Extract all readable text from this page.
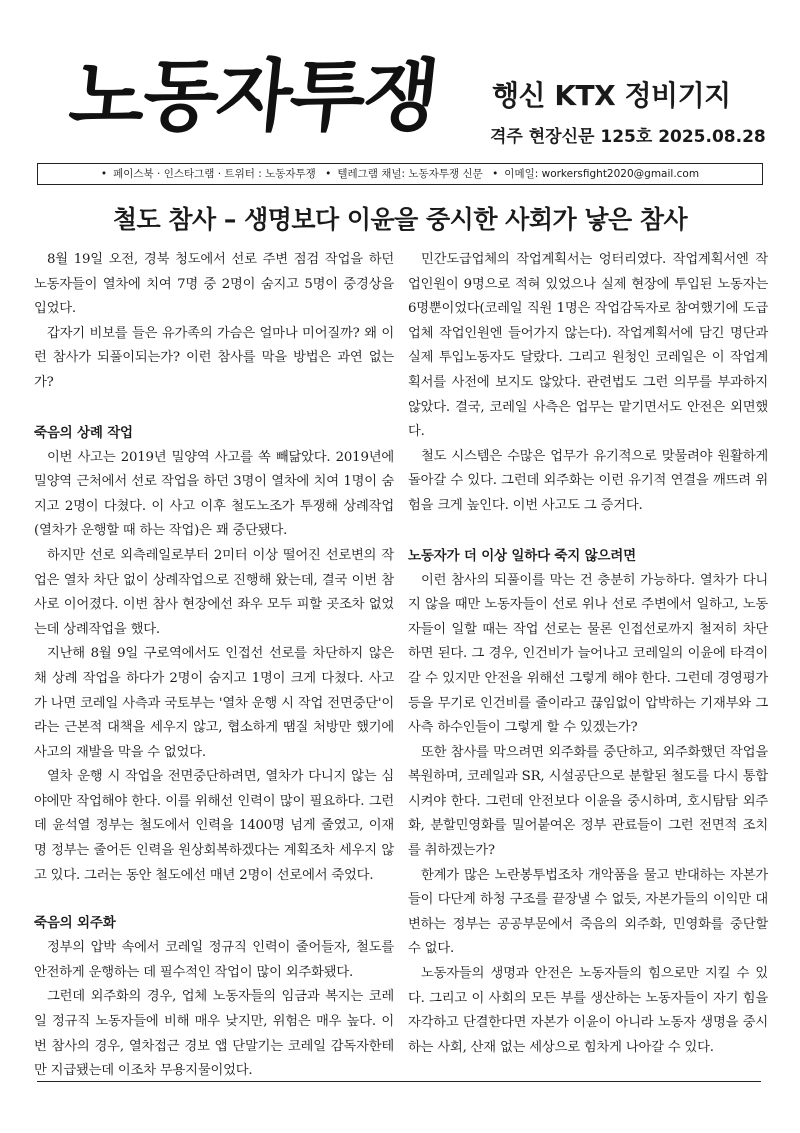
노동자투쟁 행신 KTX 정비기지
격주 현장신문 125호 2025.08.28
• 페이스북 · 인스타그램 · 트위터 : 노동자투쟁 • 텔레그램 채널: 노동자투쟁 신문 • 이메일: workersfight2020@gmail.com
철도 참사 – 생명보다 이윤을 중시한 사회가 낳은 참사

8월 19일 오전, 경북 청도에서 선로 주변 점검 작업을 하던 노동자들이 열차에 치여 7명 중 2명이 숨지고 5명이 중경상을 입었다.

갑자기 비보를 들은 유가족의 가슴은 얼마나 미어질까? 왜 이런 참사가 되풀이되는가? 이런 참사를 막을 방법은 과연 없는가?

죽음의 상례 작업

이번 사고는 2019년 밀양역 사고를 쏙 빼닮았다. 2019년에 밀양역 근처에서 선로 작업을 하던 3명이 열차에 치여 1명이 숨지고 2명이 다쳤다. 이 사고 이후 철도노조가 투쟁해 상례작업(열차가 운행할 때 하는 작업)은 꽤 중단됐다.

하지만 선로 외측레일로부터 2미터 이상 떨어진 선로변의 작업은 열차 차단 없이 상례작업으로 진행해 왔는데, 결국 이번 참사로 이어졌다. 이번 참사 현장에선 좌우 모두 피할 곳조차 없었는데 상례작업을 했다.

지난해 8월 9일 구로역에서도 인접선 선로를 차단하지 않은 채 상례 작업을 하다가 2명이 숨지고 1명이 크게 다쳤다. 사고가 나면 코레일 사측과 국토부는 '열차 운행 시 작업 전면중단'이라는 근본적 대책을 세우지 않고, 협소하게 땜질 처방만 했기에 사고의 재발을 막을 수 없었다.

열차 운행 시 작업을 전면중단하려면, 열차가 다니지 않는 심야에만 작업해야 한다. 이를 위해선 인력이 많이 필요하다. 그런데 윤석열 정부는 철도에서 인력을 1400명 넘게 줄였고, 이재명 정부는 줄어든 인력을 원상회복하겠다는 계획조차 세우지 않고 있다. 그러는 동안 철도에선 매년 2명이 선로에서 죽었다.

죽음의 외주화

정부의 압박 속에서 코레일 정규직 인력이 줄어들자, 철도를 안전하게 운행하는 데 필수적인 작업이 많이 외주화됐다.

그런데 외주화의 경우, 업체 노동자들의 임금과 복지는 코레일 정규직 노동자들에 비해 매우 낮지만, 위험은 매우 높다. 이번 참사의 경우, 열차접근 경보 앱 단말기는 코레일 감독자한테만 지급됐는데 이조차 무용지물이었다.

민간도급업체의 작업계획서는 엉터리였다. 작업계획서엔 작업인원이 9명으로 적혀 있었으나 실제 현장에 투입된 노동자는 6명뿐이었다(코레일 직원 1명은 작업감독자로 참여했기에 도급업체 작업인원엔 들어가지 않는다). 작업계획서에 담긴 명단과 실제 투입노동자도 달랐다. 그리고 원청인 코레일은 이 작업계획서를 사전에 보지도 않았다. 관련법도 그런 의무를 부과하지 않았다. 결국, 코레일 사측은 업무는 맡기면서도 안전은 외면했다.

철도 시스템은 수많은 업무가 유기적으로 맞물려야 원활하게 돌아갈 수 있다. 그런데 외주화는 이런 유기적 연결을 깨뜨려 위험을 크게 높인다. 이번 사고도 그 증거다.

노동자가 더 이상 일하다 죽지 않으려면

이런 참사의 되풀이를 막는 건 충분히 가능하다. 열차가 다니지 않을 때만 노동자들이 선로 위나 선로 주변에서 일하고, 노동자들이 일할 때는 작업 선로는 물론 인접선로까지 철저히 차단하면 된다. 그 경우, 인건비가 늘어나고 코레일의 이윤에 타격이 갈 수 있지만 안전을 위해선 그렇게 해야 한다. 그런데 경영평가 등을 무기로 인건비를 줄이라고 끊임없이 압박하는 기재부와 그 사측 하수인들이 그렇게 할 수 있겠는가?

또한 참사를 막으려면 외주화를 중단하고, 외주화했던 작업을 복원하며, 코레일과 SR, 시설공단으로 분할된 철도를 다시 통합시켜야 한다. 그런데 안전보다 이윤을 중시하며, 호시탐탐 외주화, 분할민영화를 밀어붙여온 정부 관료들이 그런 전면적 조치를 취하겠는가?

한계가 많은 노란봉투법조차 개악품을 물고 반대하는 자본가들이 다단계 하청 구조를 끝장낼 수 없듯, 자본가들의 이익만 대변하는 정부는 공공부문에서 죽음의 외주화, 민영화를 중단할 수 없다.

노동자들의 생명과 안전은 노동자들의 힘으로만 지킬 수 있다. 그리고 이 사회의 모든 부를 생산하는 노동자들이 자기 힘을 자각하고 단결한다면 자본가 이윤이 아니라 노동자 생명을 중시하는 사회, 산재 없는 세상으로 힘차게 나아갈 수 있다.
